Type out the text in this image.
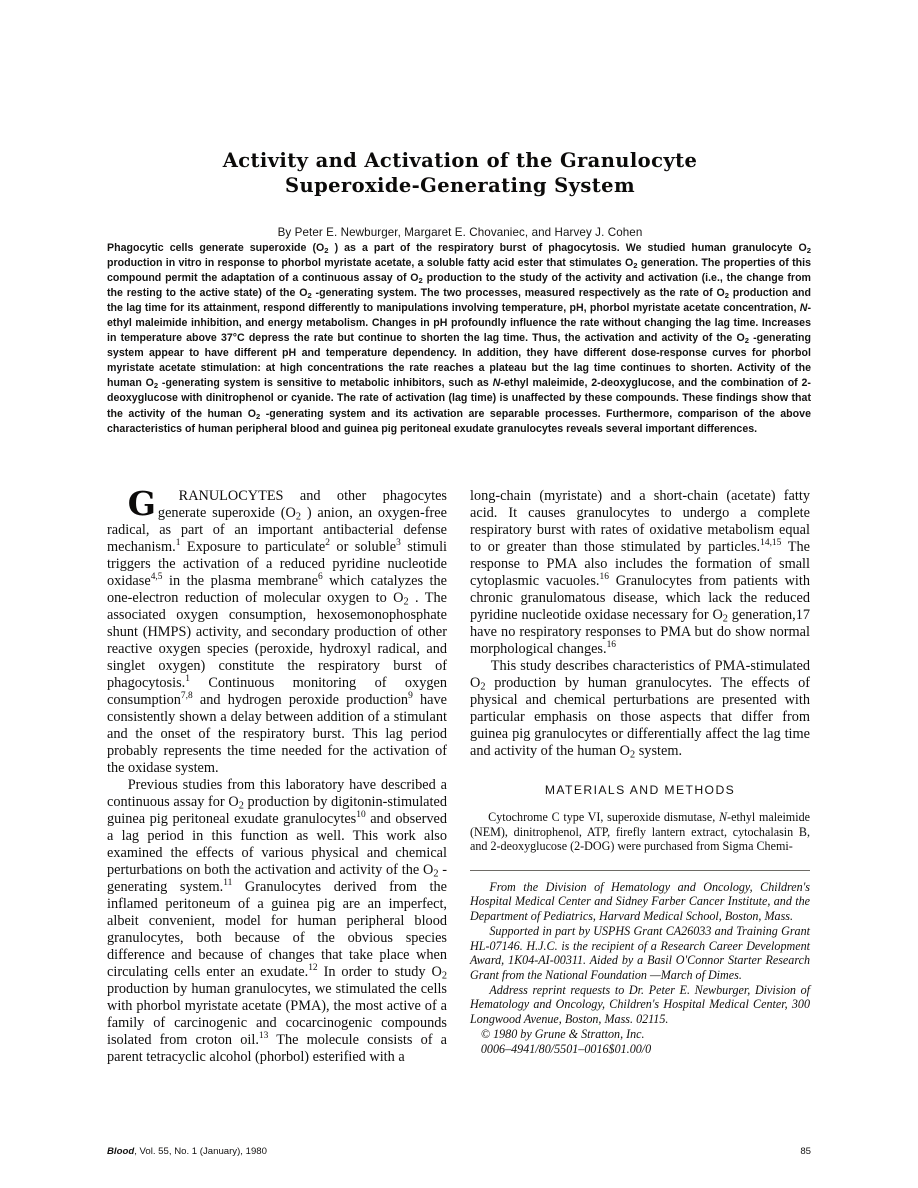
Activity and Activation of the Granulocyte
Superoxide-Generating System
By Peter E. Newburger, Margaret E. Chovaniec, and Harvey J. Cohen
Phagocytic cells generate superoxide ($O_2$ ) as a part of the respiratory burst of phagocytosis. We studied human granulocyte $O_2$ production in vitro in response to phorbol myristate acetate, a soluble fatty acid ester that stimulates $O_2$ generation. The properties of this compound permit the adaptation of a continuous assay of $O_2$ production to the study of the activity and activation (i.e., the change from the resting to the active state) of the $O_2$ -generating system. The two processes, measured respectively as the rate of $O_2$ production and the lag time for its attainment, respond differently to manipulations involving temperature, pH, phorbol myristate acetate concentration, N-ethyl maleimide inhibition, and energy metabolism. Changes in pH profoundly influence the rate without changing the lag time. Increases in temperature above 37°C depress the rate but continue to shorten the lag time. Thus, the activation and activity of the $O_2$ -generating system appear to have different pH and temperature dependency. In addition, they have different dose-response curves for phorbol myristate acetate stimulation: at high concentrations the rate reaches a plateau but the lag time continues to shorten. Activity of the human $O_2$ -generating system is sensitive to metabolic inhibitors, such as N-ethyl maleimide, 2-deoxyglucose, and the combination of 2-deoxyglucose with dinitrophenol or cyanide. The rate of activation (lag time) is unaffected by these compounds. These findings show that the activity of the human $O_2$ -generating system and its activation are separable processes. Furthermore, comparison of the above characteristics of human peripheral blood and guinea pig peritoneal exudate granulocytes reveals several important differences.

G RANULOCYTES and other phagocytes generate superoxide ($O_2$ ) anion, an oxygen-free radical, as part of an important antibacterial defense mechanism.$^1$ Exposure to particulate$^2$ or soluble$^3$ stimuli triggers the activation of a reduced pyridine nucleotide oxidase$^{4,5}$ in the plasma membrane$^6$ which catalyzes the one-electron reduction of molecular oxygen to $O_2$ . The associated oxygen consumption, hexosemonophosphate shunt (HMPS) activity, and secondary production of other reactive oxygen species (peroxide, hydroxyl radical, and singlet oxygen) constitute the respiratory burst of phagocytosis.$^1$ Continuous monitoring of oxygen consumption$^{7,8}$ and hydrogen peroxide production$^9$ have consistently shown a delay between addition of a stimulant and the onset of the respiratory burst. This lag period probably represents the time needed for the activation of the oxidase system.

Previous studies from this laboratory have described a continuous assay for $O_2$ production by digitonin-stimulated guinea pig peritoneal exudate granulocytes$^{10}$ and observed a lag period in this function as well. This work also examined the effects of various physical and chemical perturbations on both the activation and activity of the $O_2$ -generating system.$^{11}$ Granulocytes derived from the inflamed peritoneum of a guinea pig are an imperfect, albeit convenient, model for human peripheral blood granulocytes, both because of the obvious species difference and because of changes that take place when circulating cells enter an exudate.$^{12}$ In order to study $O_2$ production by human granulocytes, we stimulated the cells with phorbol myristate acetate (PMA), the most active of a family of carcinogenic and cocarcinogenic compounds isolated from croton oil.$^{13}$ The molecule consists of a parent tetracyclic alcohol (phorbol) esterified with a

long-chain (myristate) and a short-chain (acetate) fatty acid. It causes granulocytes to undergo a complete respiratory burst with rates of oxidative metabolism equal to or greater than those stimulated by particles.$^{14,15}$ The response to PMA also includes the formation of small cytoplasmic vacuoles.$^{16}$ Granulocytes from patients with chronic granulomatous disease, which lack the reduced pyridine nucleotide oxidase necessary for $O_2$ generation,17 have no respiratory responses to PMA but do show normal morphological changes.$^{16}$

This study describes characteristics of PMA-stimulated $O_2$ production by human granulocytes. The effects of physical and chemical perturbations are presented with particular emphasis on those aspects that differ from guinea pig granulocytes or differentially affect the lag time and activity of the human $O_2$ system.

MATERIALS AND METHODS

Cytochrome C type VI, superoxide dismutase, N-ethyl maleimide (NEM), dinitrophenol, ATP, firefly lantern extract, cytochalasin B, and 2-deoxyglucose (2-DOG) were purchased from Sigma Chemi-

From the Division of Hematology and Oncology, Children's Hospital Medical Center and Sidney Farber Cancer Institute, and the Department of Pediatrics, Harvard Medical School, Boston, Mass.

Supported in part by USPHS Grant CA26033 and Training Grant HL-07146. H.J.C. is the recipient of a Research Career Development Award, 1K04-AI-00311. Aided by a Basil O'Connor Starter Research Grant from the National Foundation —March of Dimes.

Address reprint requests to Dr. Peter E. Newburger, Division of Hematology and Oncology, Children's Hospital Medical Center, 300 Longwood Avenue, Boston, Mass. 02115.

© 1980 by Grune & Stratton, Inc.

0006–4941/80/5501–0016$01.00/0

Blood, Vol. 55, No. 1 (January), 1980	85
